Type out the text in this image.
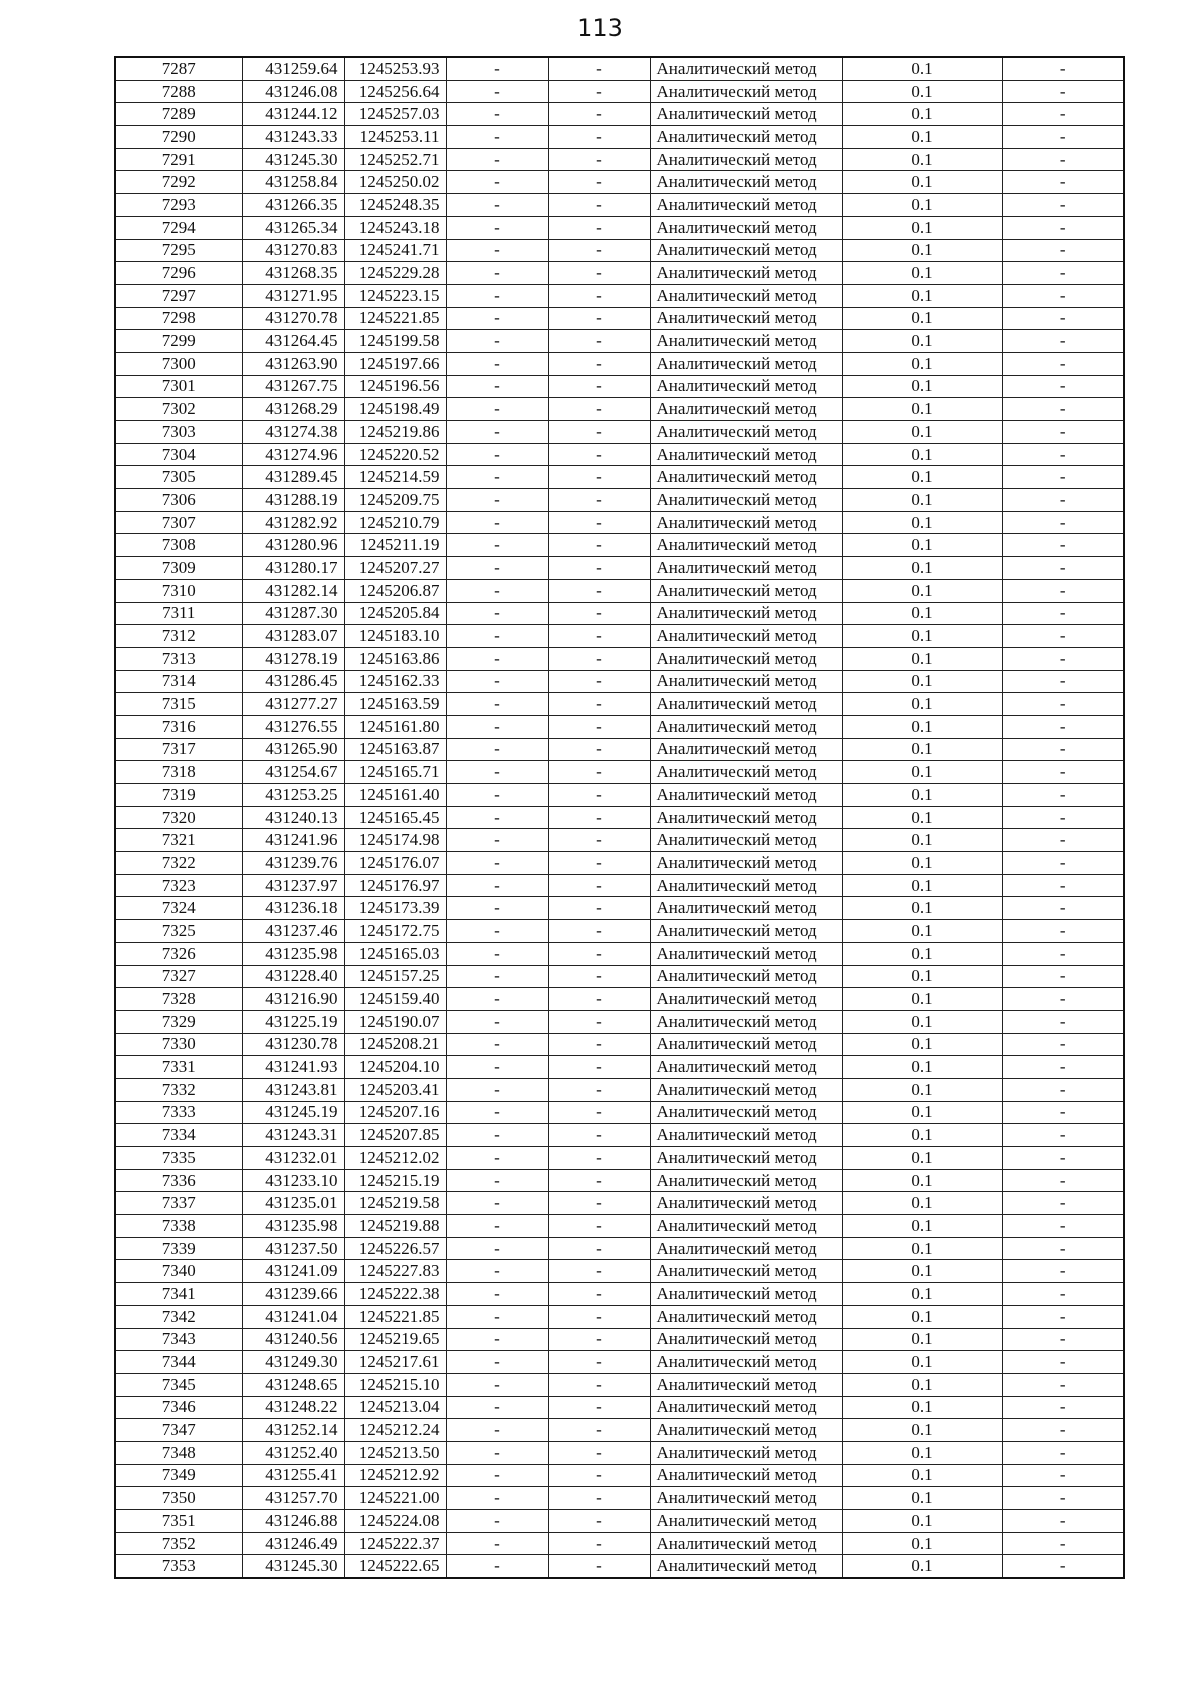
113
7287	431259.64	1245253.93	-	-	Аналитический метод	0.1	-
7288	431246.08	1245256.64	-	-	Аналитический метод	0.1	-
7289	431244.12	1245257.03	-	-	Аналитический метод	0.1	-
7290	431243.33	1245253.11	-	-	Аналитический метод	0.1	-
7291	431245.30	1245252.71	-	-	Аналитический метод	0.1	-
7292	431258.84	1245250.02	-	-	Аналитический метод	0.1	-
7293	431266.35	1245248.35	-	-	Аналитический метод	0.1	-
7294	431265.34	1245243.18	-	-	Аналитический метод	0.1	-
7295	431270.83	1245241.71	-	-	Аналитический метод	0.1	-
7296	431268.35	1245229.28	-	-	Аналитический метод	0.1	-
7297	431271.95	1245223.15	-	-	Аналитический метод	0.1	-
7298	431270.78	1245221.85	-	-	Аналитический метод	0.1	-
7299	431264.45	1245199.58	-	-	Аналитический метод	0.1	-
7300	431263.90	1245197.66	-	-	Аналитический метод	0.1	-
7301	431267.75	1245196.56	-	-	Аналитический метод	0.1	-
7302	431268.29	1245198.49	-	-	Аналитический метод	0.1	-
7303	431274.38	1245219.86	-	-	Аналитический метод	0.1	-
7304	431274.96	1245220.52	-	-	Аналитический метод	0.1	-
7305	431289.45	1245214.59	-	-	Аналитический метод	0.1	-
7306	431288.19	1245209.75	-	-	Аналитический метод	0.1	-
7307	431282.92	1245210.79	-	-	Аналитический метод	0.1	-
7308	431280.96	1245211.19	-	-	Аналитический метод	0.1	-
7309	431280.17	1245207.27	-	-	Аналитический метод	0.1	-
7310	431282.14	1245206.87	-	-	Аналитический метод	0.1	-
7311	431287.30	1245205.84	-	-	Аналитический метод	0.1	-
7312	431283.07	1245183.10	-	-	Аналитический метод	0.1	-
7313	431278.19	1245163.86	-	-	Аналитический метод	0.1	-
7314	431286.45	1245162.33	-	-	Аналитический метод	0.1	-
7315	431277.27	1245163.59	-	-	Аналитический метод	0.1	-
7316	431276.55	1245161.80	-	-	Аналитический метод	0.1	-
7317	431265.90	1245163.87	-	-	Аналитический метод	0.1	-
7318	431254.67	1245165.71	-	-	Аналитический метод	0.1	-
7319	431253.25	1245161.40	-	-	Аналитический метод	0.1	-
7320	431240.13	1245165.45	-	-	Аналитический метод	0.1	-
7321	431241.96	1245174.98	-	-	Аналитический метод	0.1	-
7322	431239.76	1245176.07	-	-	Аналитический метод	0.1	-
7323	431237.97	1245176.97	-	-	Аналитический метод	0.1	-
7324	431236.18	1245173.39	-	-	Аналитический метод	0.1	-
7325	431237.46	1245172.75	-	-	Аналитический метод	0.1	-
7326	431235.98	1245165.03	-	-	Аналитический метод	0.1	-
7327	431228.40	1245157.25	-	-	Аналитический метод	0.1	-
7328	431216.90	1245159.40	-	-	Аналитический метод	0.1	-
7329	431225.19	1245190.07	-	-	Аналитический метод	0.1	-
7330	431230.78	1245208.21	-	-	Аналитический метод	0.1	-
7331	431241.93	1245204.10	-	-	Аналитический метод	0.1	-
7332	431243.81	1245203.41	-	-	Аналитический метод	0.1	-
7333	431245.19	1245207.16	-	-	Аналитический метод	0.1	-
7334	431243.31	1245207.85	-	-	Аналитический метод	0.1	-
7335	431232.01	1245212.02	-	-	Аналитический метод	0.1	-
7336	431233.10	1245215.19	-	-	Аналитический метод	0.1	-
7337	431235.01	1245219.58	-	-	Аналитический метод	0.1	-
7338	431235.98	1245219.88	-	-	Аналитический метод	0.1	-
7339	431237.50	1245226.57	-	-	Аналитический метод	0.1	-
7340	431241.09	1245227.83	-	-	Аналитический метод	0.1	-
7341	431239.66	1245222.38	-	-	Аналитический метод	0.1	-
7342	431241.04	1245221.85	-	-	Аналитический метод	0.1	-
7343	431240.56	1245219.65	-	-	Аналитический метод	0.1	-
7344	431249.30	1245217.61	-	-	Аналитический метод	0.1	-
7345	431248.65	1245215.10	-	-	Аналитический метод	0.1	-
7346	431248.22	1245213.04	-	-	Аналитический метод	0.1	-
7347	431252.14	1245212.24	-	-	Аналитический метод	0.1	-
7348	431252.40	1245213.50	-	-	Аналитический метод	0.1	-
7349	431255.41	1245212.92	-	-	Аналитический метод	0.1	-
7350	431257.70	1245221.00	-	-	Аналитический метод	0.1	-
7351	431246.88	1245224.08	-	-	Аналитический метод	0.1	-
7352	431246.49	1245222.37	-	-	Аналитический метод	0.1	-
7353	431245.30	1245222.65	-	-	Аналитический метод	0.1	-
